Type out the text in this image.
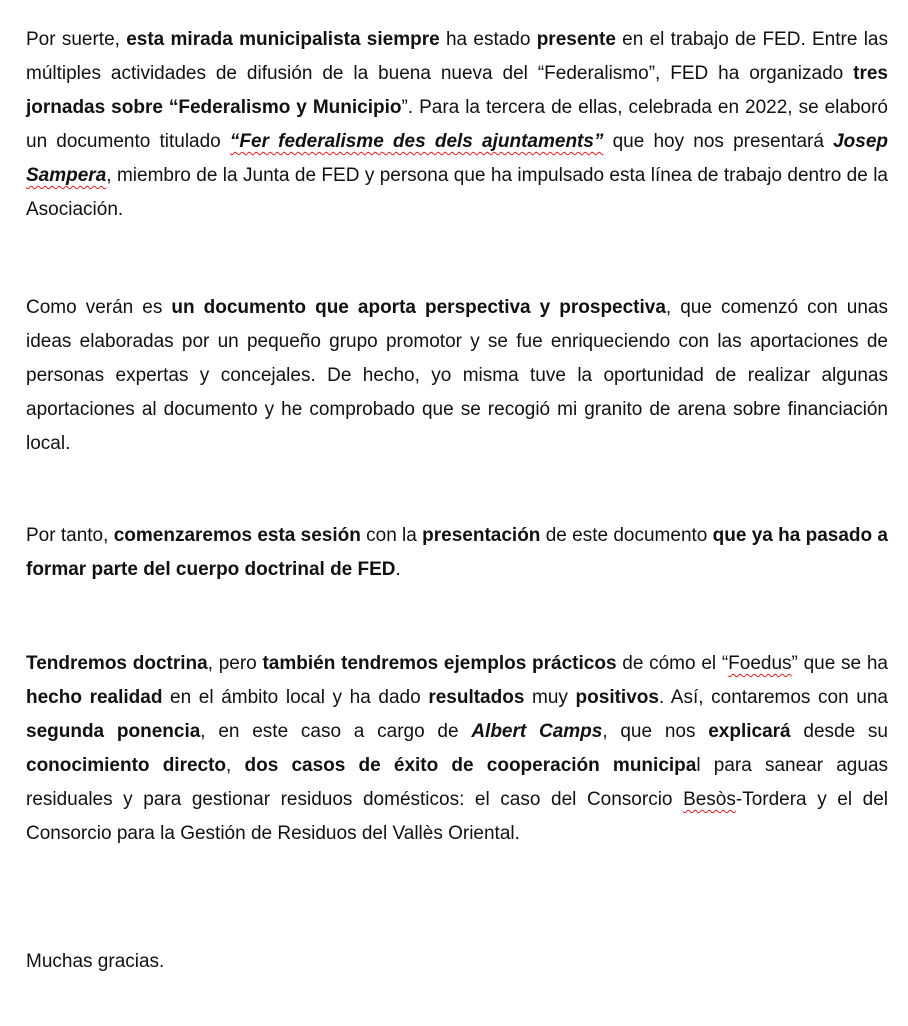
Por suerte, esta mirada municipalista siempre ha estado presente en el trabajo de FED. Entre las múltiples actividades de difusión de la buena nueva del “Federalismo”, FED ha organizado tres jornadas sobre “Federalismo y Municipio”. Para la tercera de ellas, celebrada en 2022, se elaboró un documento titulado “Fer federalisme des dels ajuntaments” que hoy nos presentará Josep Sampera, miembro de la Junta de FED y persona que ha impulsado esta línea de trabajo dentro de la Asociación.

Como verán es un documento que aporta perspectiva y prospectiva, que comenzó con unas ideas elaboradas por un pequeño grupo promotor y se fue enriqueciendo con las aportaciones de personas expertas y concejales. De hecho, yo misma tuve la oportunidad de realizar algunas aportaciones al documento y he comprobado que se recogió mi granito de arena sobre financiación local.

Por tanto, comenzaremos esta sesión con la presentación de este documento que ya ha pasado a formar parte del cuerpo doctrinal de FED.

Tendremos doctrina, pero también tendremos ejemplos prácticos de cómo el “Foedus” que se ha hecho realidad en el ámbito local y ha dado resultados muy positivos. Así, contaremos con una segunda ponencia, en este caso a cargo de Albert Camps, que nos explicará desde su conocimiento directo, dos casos de éxito de cooperación municipal para sanear aguas residuales y para gestionar residuos domésticos: el caso del Consorcio Besòs-Tordera y el del Consorcio para la Gestión de Residuos del Vallès Oriental.

Muchas gracias.
